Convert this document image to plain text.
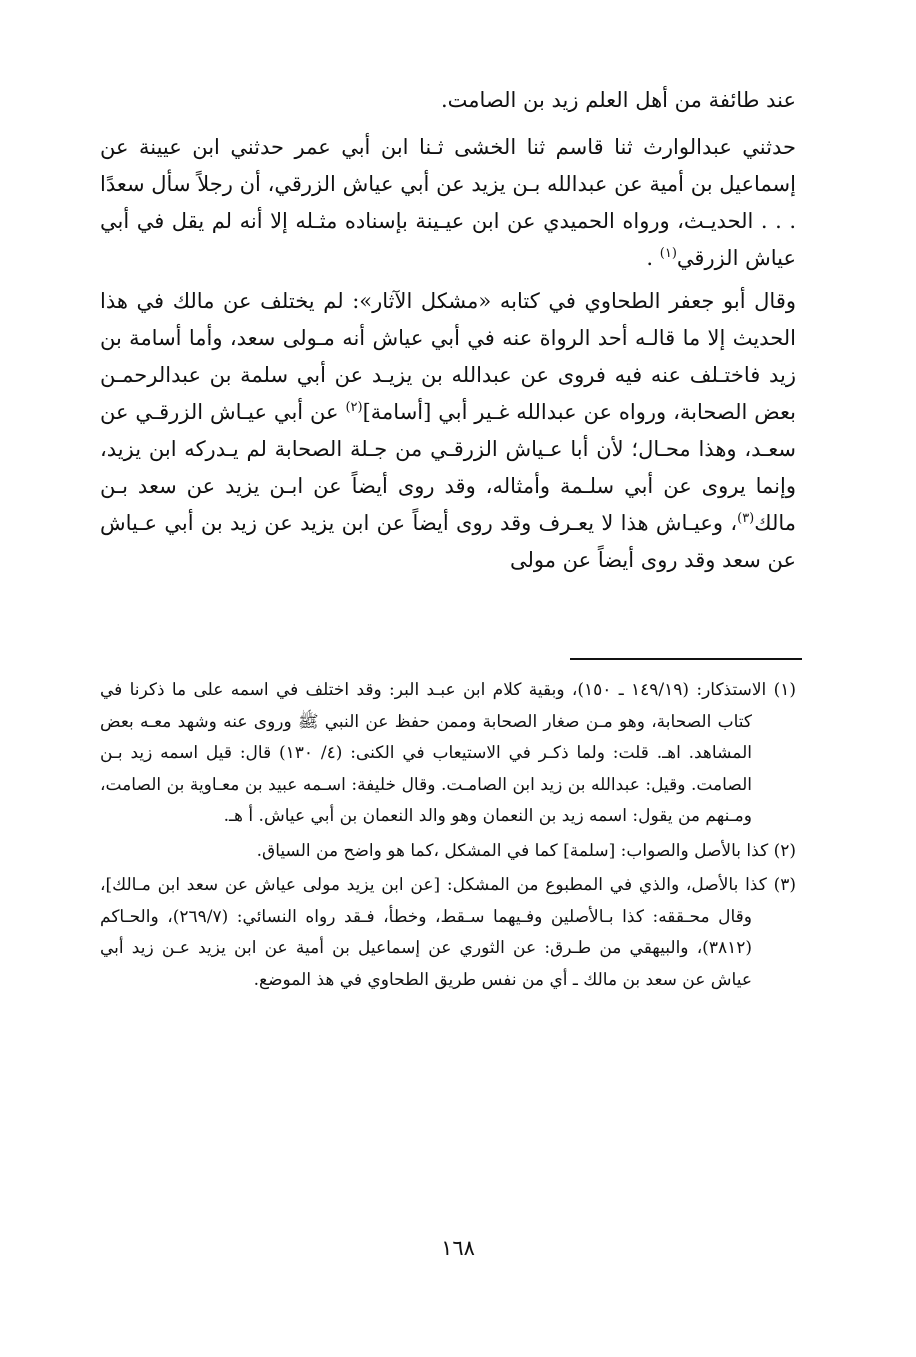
عند طائفة من أهل العلم زيد بن الصامت.

حدثني عبدالوارث ثنا قاسم ثنا الخشى ثـنا ابن أبي عمر حدثني ابن عيينة عن إسماعيل بن أمية عن عبدالله بـن يزيد عن أبي عياش الزرقي، أن رجلاً سأل سعدًا . . . الحديـث، ورواه الحميدي عن ابن عيـينة بإسناده مثـله إلا أنه لم يقل في أبي عياش الزرقي$^{(١)}$ .

وقال أبو جعفر الطحاوي في كتابه «مشكل الآثار»: لم يختلف عن مالك في هذا الحديث إلا ما قالـه أحد الرواة عنه في أبي عياش أنه مـولى سعد، وأما أسامة بن زيد فاختـلف عنه فيه فروى عن عبدالله بن يزيـد عن أبي سلمة بن عبدالرحمـن بعض الصحابة، ورواه عن عبدالله غـير أبي [أسامة]$^{(٢)}$ عن أبي عيـاش الزرقـي عن سعـد، وهذا محـال؛ لأن أبا عـياش الزرقـي من جـلة الصحابة لم يـدركه ابن يزيد، وإنما يروى عن أبي سلـمة وأمثاله، وقد روى أيضاً عن ابـن يزيد عن سعد بـن مالك$^{(٣)}$، وعيـاش هذا لا يعـرف وقد روى أيضاً عن ابن يزيد عن زيد بن أبي عـياش عن سعد وقد روى أيضاً عن مولى

(١) الاستذكار: (١٤٩/١٩ ـ ١٥٠)، وبقية كلام ابن عبـد البر: وقد اختلف في اسمه على ما ذكرنا في كتاب الصحابة، وهو مـن صغار الصحابة وممن حفظ عن النبي ﷺ وروى عنه وشهد معـه بعض المشاهد. اهـ. قلت: ولما ذكـر في الاستيعاب في الكنى: (٤/ ١٣٠) قال: قيل اسمه زيد بـن الصامت. وقيل: عبدالله بن زيد ابن الصامـت. وقال خليفة: اسـمه عبيد بن معـاوية بن الصامت، ومـنهم من يقول: اسمه زيد بن النعمان وهو والد النعمان بن أبي عياش. أ هـ.

(٢) كذا بالأصل والصواب: [سلمة] كما في المشكل ،كما هو واضح من السياق.

(٣) كذا بالأصل، والذي في المطبوع من المشكل: [عن ابن يزيد مولى عياش عن سعد ابن مـالك]، وقال محـققه: كذا بـالأصلين وفـيهما سـقط، وخطأ، فـقد رواه النسائي: (٢٦٩/٧)، والحـاكم (٣٨١٢)، والبيهقي من طـرق: عن الثوري عن إسماعيل بن أمية عن ابن يزيد عـن زيد أبي عياش عن سعد بن مالك ـ أي من نفس طريق الطحاوي في هذ الموضع.

١٦٨
